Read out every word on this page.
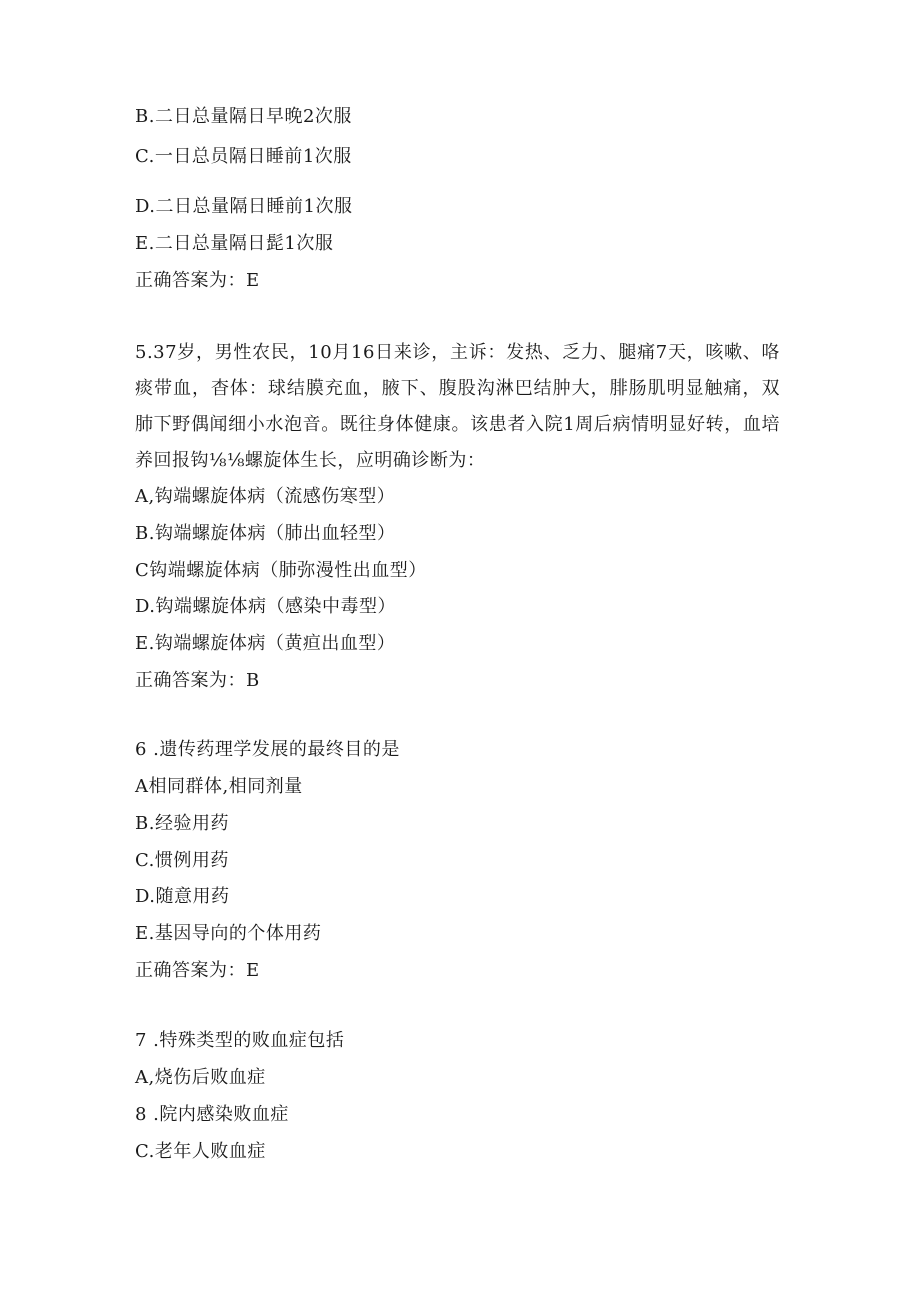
B.二日总量隔日早晚2次服
C.一日总员隔日睡前1次服
D.二日总量隔日睡前1次服
E.二日总量隔日髭1次服
正确答案为：E
5.37岁，男性农民，10月16日来诊，主诉：发热、乏力、腿痛7天，咳嗽、咯痰带血，杳体：球结膜充血，腋下、腹股沟淋巴结肿大，腓肠肌明显触痛，双肺下野偶闻细小水泡音。既往身体健康。该患者入院1周后病情明显好转，血培养回报钩⅛⅛螺旋体生长，应明确诊断为：
A,钩端螺旋体病（流感伤寒型）
B.钩端螺旋体病（肺出血轻型）
C钩端螺旋体病（肺弥漫性出血型）
D.钩端螺旋体病（感染中毒型）
E.钩端螺旋体病（黄疸出血型）
正确答案为：B
6 .遗传药理学发展的最终目的是
A相同群体,相同剂量
B.经验用药
C.惯例用药
D.随意用药
E.基因导向的个体用药
正确答案为：E
7 .特殊类型的败血症包括
A,烧伤后败血症
8 .院内感染败血症
C.老年人败血症
